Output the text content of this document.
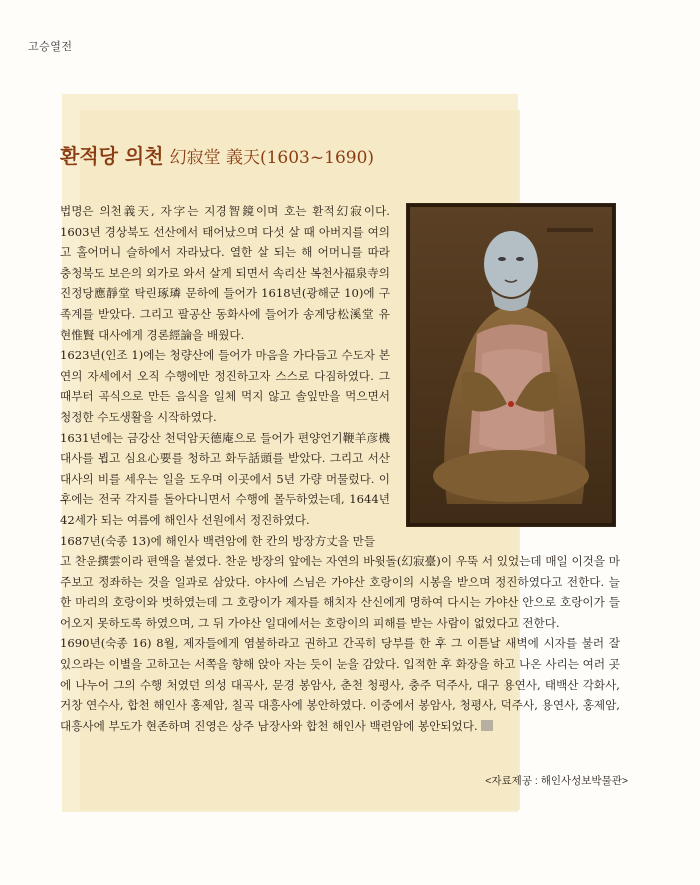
고승열전
환적당 의천 幻寂堂 義天(1603~1690)
법명은 의천義天, 자字는 지경智鏡이며 호는 환적幻寂이다. 1603년 경상북도 선산에서 태어났으며 다섯 살 때 아버지를 여의고 홀어머니 슬하에서 자라났다. 열한 살 되는 해 어머니를 따라 충청북도 보은의 외가로 와서 살게 되면서 속리산 복천사福泉寺의 진정당應靜堂 탁린琢璘 문하에 들어가 1618년(광해군 10)에 구족계를 받았다. 그리고 팔공산 동화사에 들어가 송계당松溪堂 유현惟賢 대사에게 경론經論을 배웠다.
1623년(인조 1)에는 청량산에 들어가 마음을 가다듬고 수도자 본연의 자세에서 오직 수행에만 정진하고자 스스로 다짐하였다. 그때부터 곡식으로 만든 음식을 일체 먹지 않고 솔잎만을 먹으면서 청정한 수도생활을 시작하였다.
1631년에는 금강산 천덕암天德庵으로 들어가 편양언기鞭羊彦機 대사를 뵙고 심요心要를 청하고 화두話頭를 받았다. 그리고 서산 대사의 비를 세우는 일을 도우며 이곳에서 5년 가량 머물렀다. 이후에는 전국 각지를 돌아다니면서 수행에 몰두하였는데, 1644년 42세가 되는 여름에 해인사 선원에서 정진하였다.
1687년(숙종 13)에 해인사 백련암에 한 칸의 방장方丈을 만들
고 찬운撰雲이라 편액을 붙였다. 찬운 방장의 앞에는 자연의 바윗돌(幻寂臺)이 우뚝 서 있었는데 매일 이것을 마주보고 정좌하는 것을 일과로 삼았다. 야사에 스님은 가야산 호랑이의 시봉을 받으며 정진하였다고 전한다. 늘 한 마리의 호랑이와 벗하였는데 그 호랑이가 제자를 해치자 산신에게 명하여 다시는 가야산 안으로 호랑이가 들어오지 못하도록 하였으며, 그 뒤 가야산 일대에서는 호랑이의 피해를 받는 사람이 없었다고 전한다.
1690년(숙종 16) 8월, 제자들에게 염불하라고 권하고 간곡히 당부를 한 후 그 이튿날 새벽에 시자를 불러 잘 있으라는 이별을 고하고는 서쪽을 향해 앉아 자는 듯이 눈을 감았다. 입적한 후 화장을 하고 나온 사리는 여러 곳에 나누어 그의 수행 처였던 의성 대곡사, 문경 봉암사, 춘천 청평사, 충주 덕주사, 대구 용연사, 태백산 각화사, 거창 연수사, 합천 해인사 홍제암, 칠곡 대흥사에 봉안하였다. 이중에서 봉암사, 청평사, 덕주사, 용연사, 홍제암, 대흥사에 부도가 현존하며 진영은 상주 남장사와 합천 해인사 백련암에 봉안되었다.
<자료제공 : 해인사성보박물관>
